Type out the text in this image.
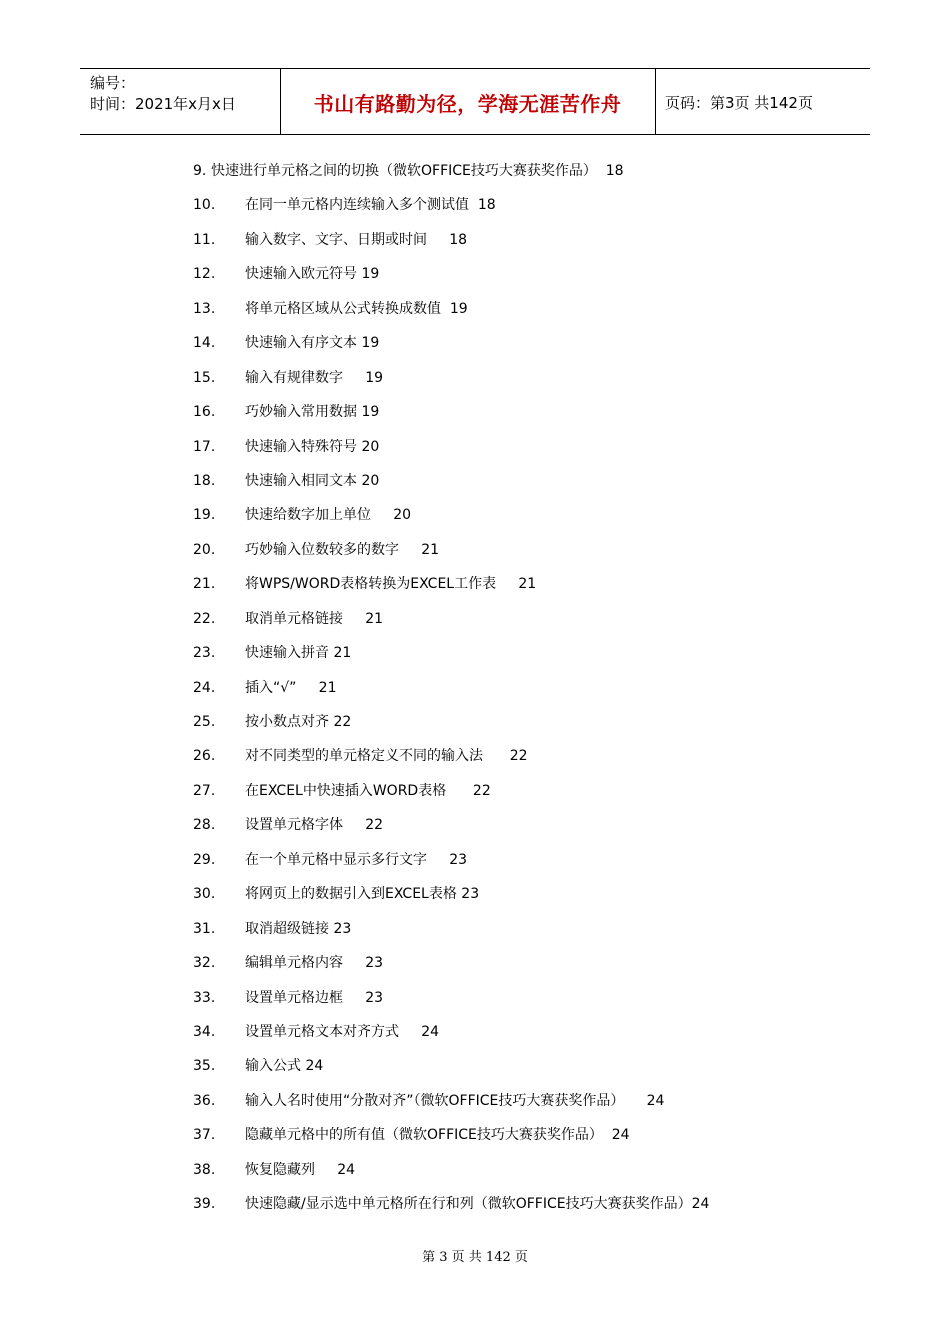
编号：
时间：2021年x月x日	书山有路勤为径，学海无涯苦作舟	页码：第3页 共142页
9. 快速进行单元格之间的切换（微软OFFICE技巧大赛获奖作品）  18
10. 在同一单元格内连续输入多个测试值  18
11. 输入数字、文字、日期或时间     18
12. 快速输入欧元符号 19
13. 将单元格区域从公式转换成数值  19
14. 快速输入有序文本 19
15. 输入有规律数字     19
16. 巧妙输入常用数据 19
17. 快速输入特殊符号 20
18. 快速输入相同文本 20
19. 快速给数字加上单位     20
20. 巧妙输入位数较多的数字     21
21. 将WPS/WORD表格转换为EXCEL工作表     21
22. 取消单元格链接     21
23. 快速输入拼音 21
24. 插入“√”     21
25. 按小数点对齐 22
26. 对不同类型的单元格定义不同的输入法      22
27. 在EXCEL中快速插入WORD表格      22
28. 设置单元格字体     22
29. 在一个单元格中显示多行文字     23
30. 将网页上的数据引入到EXCEL表格 23
31. 取消超级链接 23
32. 编辑单元格内容     23
33. 设置单元格边框     23
34. 设置单元格文本对齐方式     24
35. 输入公式 24
36. 输入人名时使用“分散对齐”（微软OFFICE技巧大赛获奖作品）     24
37. 隐藏单元格中的所有值（微软OFFICE技巧大赛获奖作品）  24
38. 恢复隐藏列     24
39. 快速隐藏/显示选中单元格所在行和列（微软OFFICE技巧大赛获奖作品）24
第 3 页 共 142 页
